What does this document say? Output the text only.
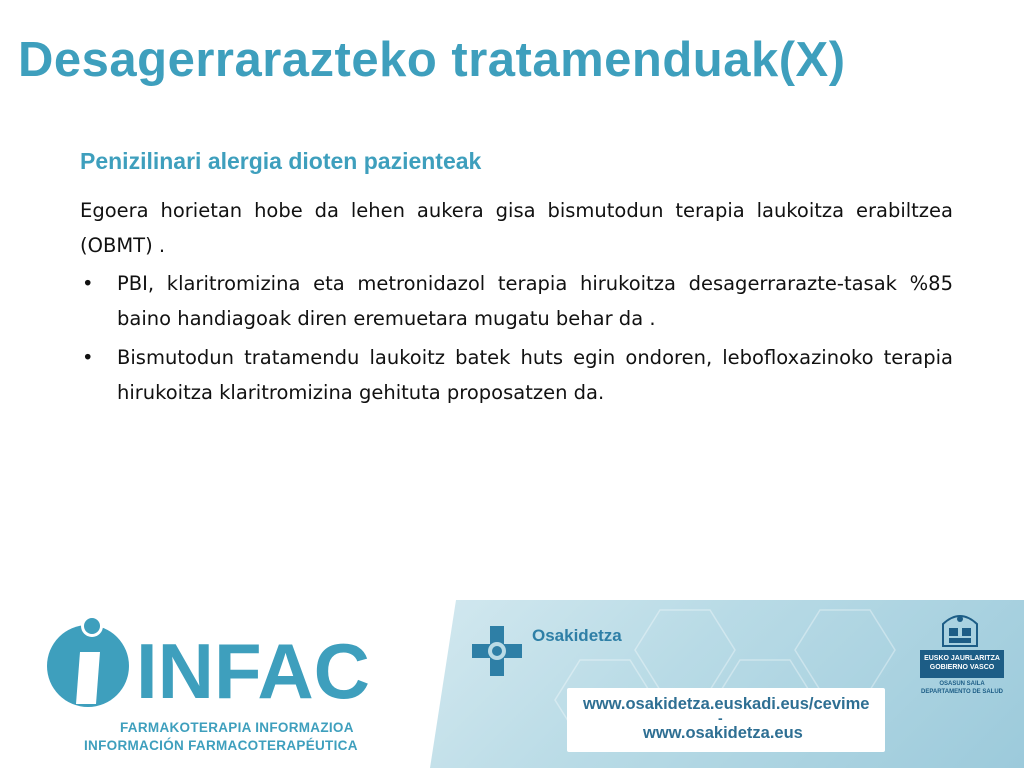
Desagerrarazteko tratamenduak(X)
Penizilinari alergia dioten pazienteak
Egoera horietan hobe da lehen aukera gisa bismutodun terapia laukoitza erabiltzea (OBMT) .
• PBI, klaritromizina eta metronidazol terapia hirukoitza desagerrarazte-tasak %85 baino handiagoak diren eremuetara mugatu behar da .
• Bismutodun tratamendu laukoitz batek huts egin ondoren, lebofloxazinoko terapia hirukoitza klaritromizina gehituta proposatzen da.
INFAC
FARMAKOTERAPIA INFORMAZIOA
INFORMACIÓN FARMACOTERAPÉUTICA
Osakidetza
www.osakidetza.euskadi.eus/cevime
-
www.osakidetza.eus
EUSKO JAURLARITZA
GOBIERNO VASCO
OSASUN SAILA
DEPARTAMENTO DE SALUD
